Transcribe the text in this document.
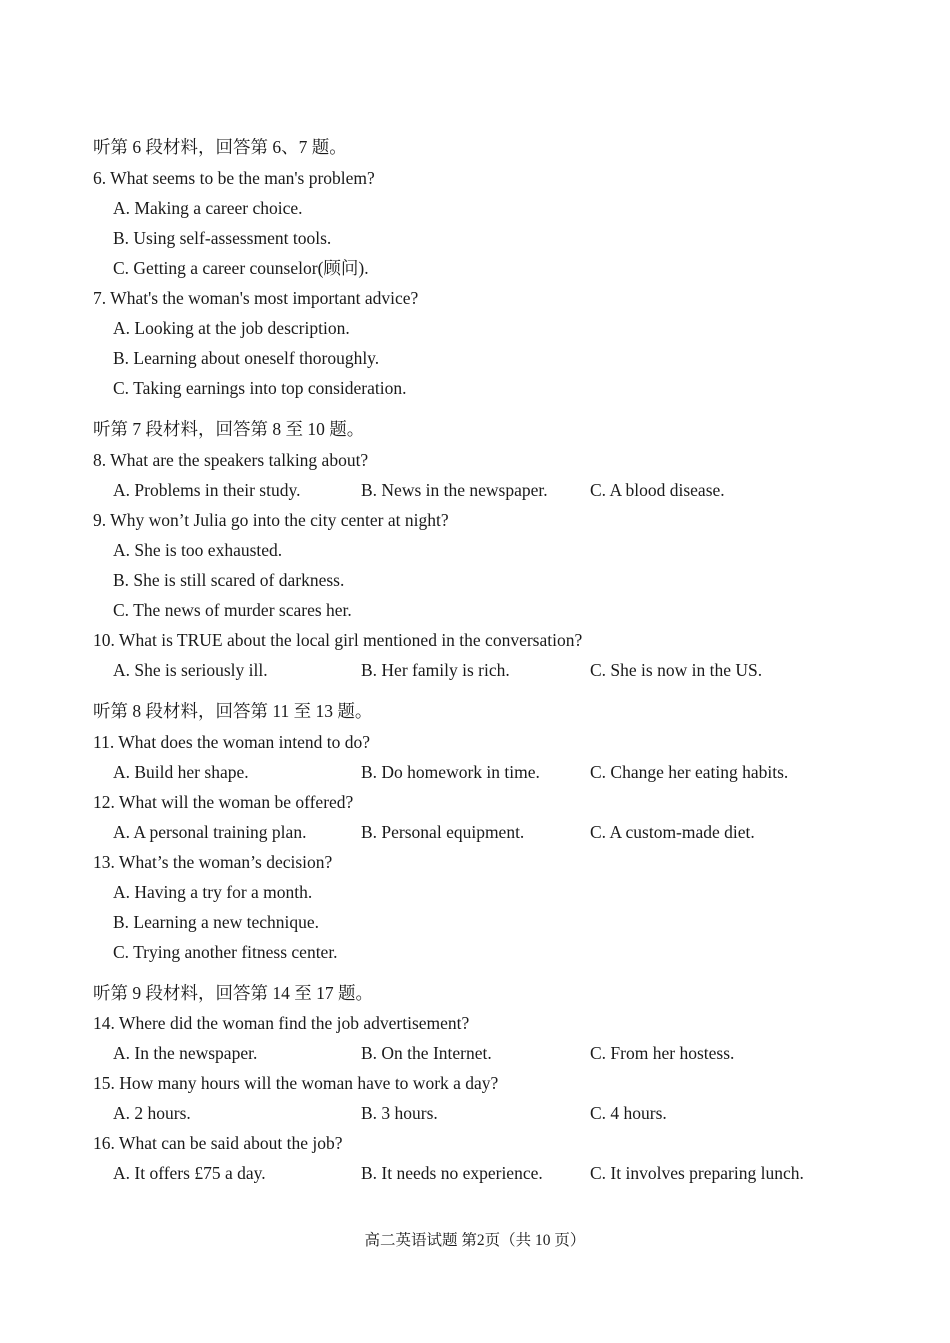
听第 6 段材料，回答第 6、7 题。
6. What seems to be the man's problem?
A. Making a career choice.
B. Using self-assessment tools.
C. Getting a career counselor(顾问).
7. What's the woman's most important advice?
A. Looking at the job description.
B. Learning about oneself thoroughly.
C. Taking earnings into top consideration.
听第 7 段材料，回答第 8 至 10 题。
8. What are the speakers talking about?
A. Problems in their study.	B. News in the newspaper. C. A blood disease.
9. Why won’t Julia go into the city center at night?
A. She is too exhausted.
B. She is still scared of darkness.
C. The news of murder scares her.
10. What is TRUE about the local girl mentioned in the conversation?
A. She is seriously ill.	B. Her family is rich.	C. She is now in the US.
听第 8 段材料，回答第 11 至 13 题。
11. What does the woman intend to do?
A. Build her shape.	B. Do homework in time.	C. Change her eating habits.
12. What will the woman be offered?
A. A personal training plan.	B. Personal equipment.	C. A custom-made diet.
13. What’s the woman’s decision?
A. Having a try for a month.
B. Learning a new technique.
C. Trying another fitness center.
听第 9 段材料，回答第 14 至 17 题。
14. Where did the woman find the job advertisement?
A. In the newspaper.	B. On the Internet.	C. From her hostess.
15. How many hours will the woman have to work a day?
A. 2 hours.	B. 3 hours.	C. 4 hours.
16. What can be said about the job?
A. It offers £75 a day.	B. It needs no experience.	C. It involves preparing lunch.
高二英语试题 第2页（共 10 页）
